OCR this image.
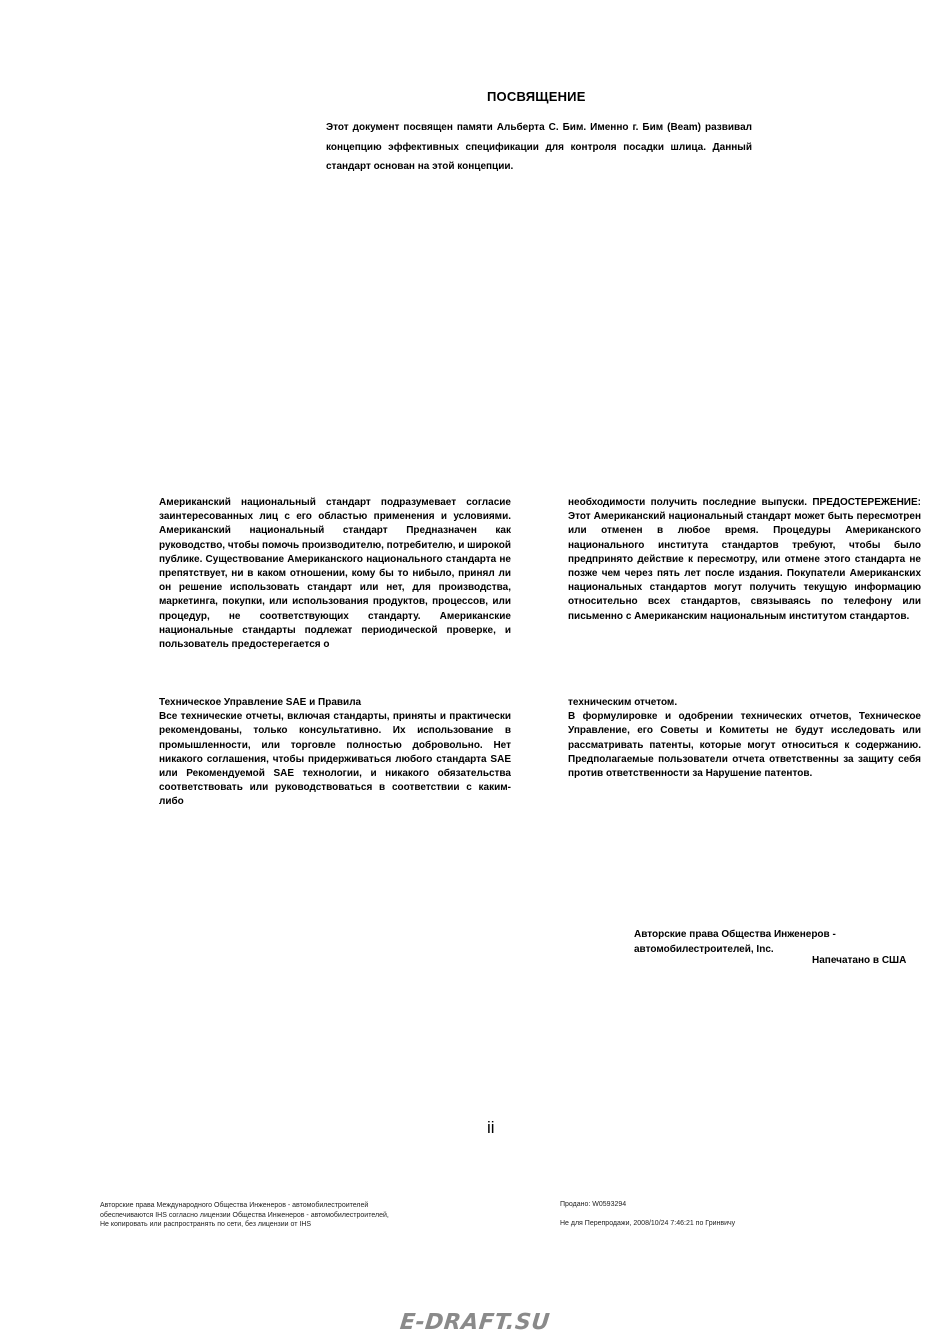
ПОСВЯЩЕНИЕ
Этот документ посвящен памяти Альберта С. Бим. Именно г. Бим (Beam) развивал концепцию эффективных спецификации для контроля посадки шлица. Данный стандарт основан на этой концепции.
Американский национальный стандарт подразумевает согласие заинтересованных лиц с его областью применения и условиями. Американский национальный стандарт Предназначен как руководство, чтобы помочь производителю, потребителю, и широкой публике. Существование Американского национального стандарта не препятствует, ни в каком отношении, кому бы то нибыло, принял ли он решение использовать стандарт или нет, для производства, маркетинга, покупки, или использования продуктов, процессов, или процедур, не соответствующих стандарту. Американские национальные стандарты подлежат периодической проверке, и пользователь предостерегается о
необходимости получить последние выпуски. ПРЕДОСТЕРЕЖЕНИЕ: Этот Американский национальный стандарт может быть пересмотрен или отменен в любое время. Процедуры Американского национального института стандартов требуют, чтобы было предпринято действие к пересмотру, или отмене этого стандарта не позже чем через пять лет после издания. Покупатели Американских национальных стандартов могут получить текущую информацию относительно всех стандартов, связываясь по телефону или письменно с Американским национальным институтом стандартов.

Техническое Управление SAE и Правила

Все технические отчеты, включая стандарты, приняты и практически рекомендованы, только консультативно. Их использование в промышленности, или торговле полностью добровольно. Нет никакого соглашения, чтобы придерживаться любого стандарта SAE или Рекомендуемой SAE технологии, и никакого обязательства соответствовать или руководствоваться в соответствии с каким-либо

техническим отчетом.

В формулировке и одобрении технических отчетов, Техническое Управление, его Советы и Комитеты не будут исследовать или рассматривать патенты, которые могут относиться к содержанию. Предполагаемые пользователи отчета ответственны за защиту себя против ответственности за Нарушение патентов.

Авторские права Общества Инженеров -
автомобилестроителей, Inc.
Напечатано в США
ii
Авторские права Международного Общества Инженеров - автомобилестроителей
обеспечиваются IHS согласно лицензии Общества Инженеров - автомобилестроителей,
Не копировать или распространять по сети, без лицензии от IHS
Продано: W0593294
Не для Перепродажи, 2008/10/24 7:46:21 по Гринвичу
E-DRAFT.SU
